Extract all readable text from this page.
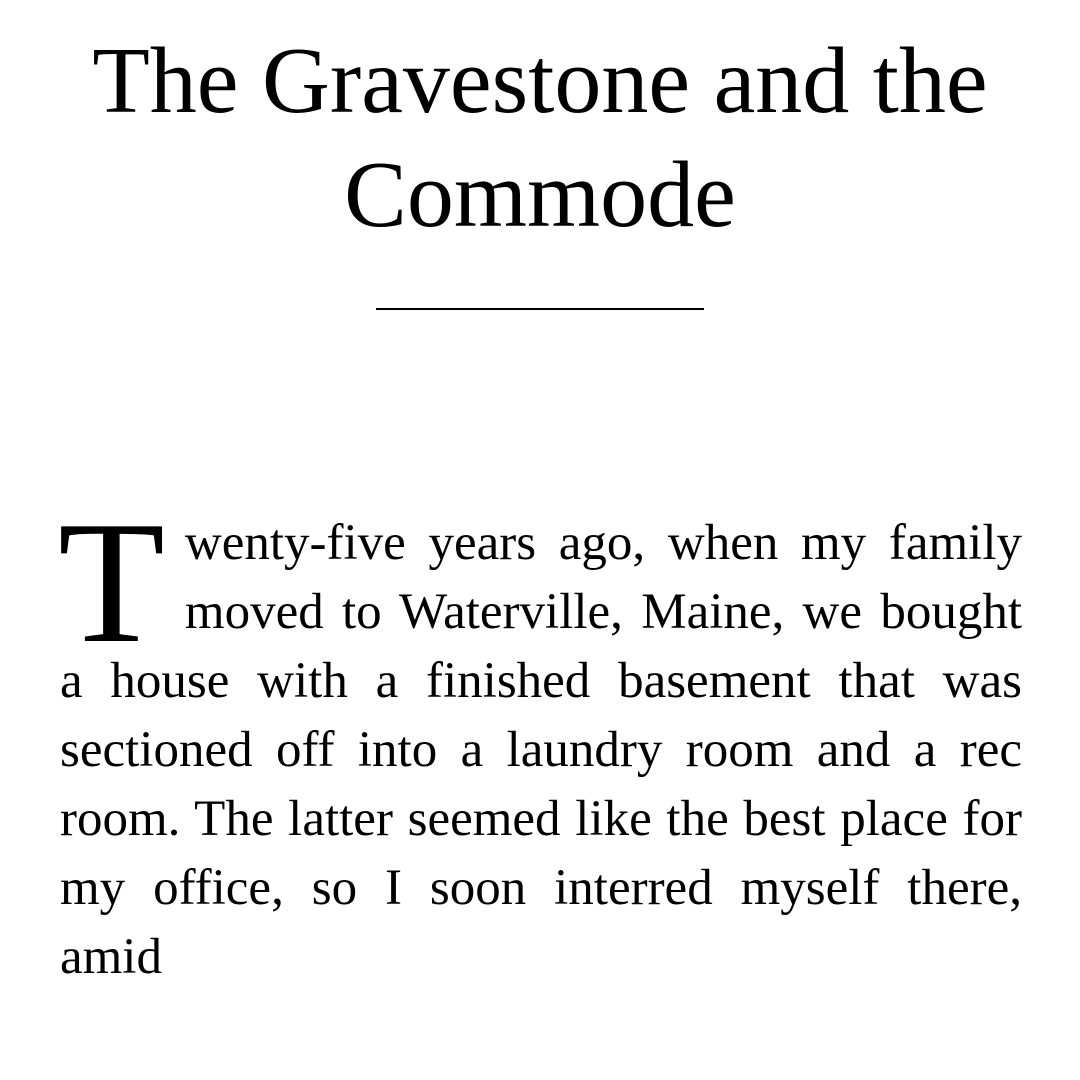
The Gravestone and the
Commode

Twenty-five years ago, when my family moved to Waterville, Maine, we bought a house with a finished basement that was sectioned off into a laundry room and a rec room. The latter seemed like the best place for my office, so I soon interred myself there, amid
